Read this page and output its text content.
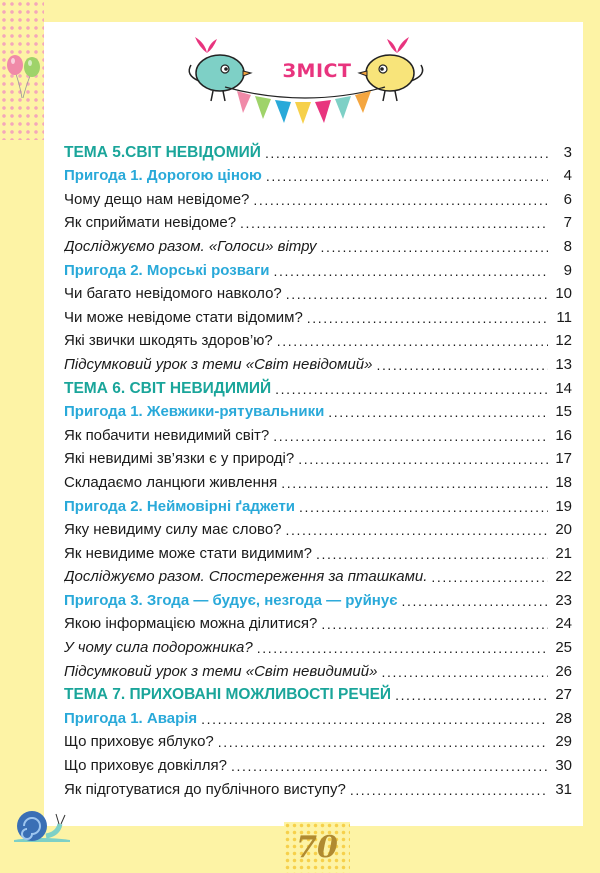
ЗМІСТ
ТЕМА 5.СВІТ НЕВІДОМИЙ .....	3
Пригода 1. Дорогою ціною .....	4
Чому дещо нам невідоме? .....	6
Як сприймати невідоме? .....	7
Досліджуємо разом. «Голоси» вітру .....	8
Пригода 2. Морські розваги .....	9
Чи багато невідомого навколо? .....	10
Чи може невідоме стати відомим? .....	11
Які звички шкодять здоров’ю? .....	12
Підсумковий урок з теми «Світ невідомий» .....	13
ТЕМА 6. СВІТ НЕВИДИМИЙ .....	14
Пригода 1. Жевжики-рятувальники .....	15
Як побачити невидимий світ? .....	16
Які невидимі зв’язки є у природі? .....	17
Складаємо ланцюги живлення .....	18
Пригода 2. Неймовірні ґаджети .....	19
Яку невидиму силу має слово? .....	20
Як невидиме може стати видимим? .....	21
Досліджуємо разом. Спостереження за пташками. .....	22
Пригода 3. Згода — будує, незгода — руйнує .....	23
Якою інформацією можна ділитися? .....	24
У чому сила подорожника? .....	25
Підсумковий урок з теми «Світ невидимий» .....	26
ТЕМА 7. ПРИХОВАНІ МОЖЛИВОСТІ РЕЧЕЙ .....	27
Пригода 1. Аварія .....	28
Що приховує яблуко? .....	29
Що приховує довкілля? .....	30
Як підготуватися до публічного виступу? .....	31
70
